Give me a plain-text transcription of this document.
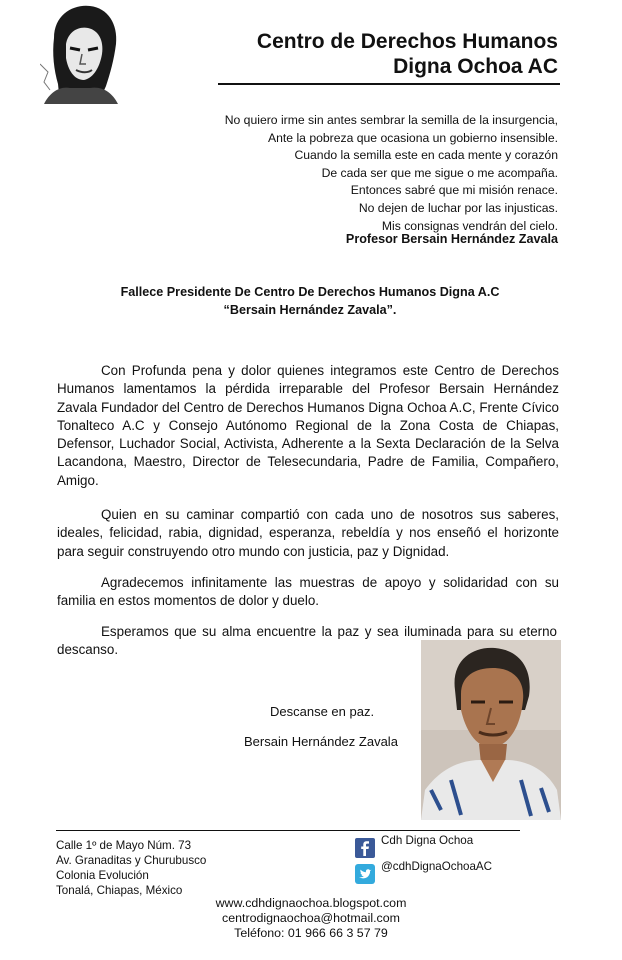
Centro de Derechos Humanos
Digna Ochoa AC
No quiero irme sin antes sembrar la semilla de la insurgencia,
Ante la pobreza que ocasiona un gobierno insensible.
Cuando la semilla este en cada mente y corazón
De cada ser que me sigue o me acompaña.
Entonces sabré que mi misión renace.
No dejen de luchar por las injusticas.
Mis consignas vendrán del cielo.
Profesor Bersain Hernández Zavala
Fallece Presidente De Centro De Derechos Humanos Digna A.C
“Bersain Hernández Zavala”.

Con Profunda pena y dolor quienes integramos este Centro de Derechos Humanos lamentamos la pérdida irreparable del Profesor Bersain Hernández Zavala Fundador del Centro de Derechos Humanos Digna Ochoa A.C, Frente Cívico Tonalteco A.C y Consejo Autónomo Regional de la Zona Costa de Chiapas, Defensor, Luchador Social, Activista, Adherente a la Sexta Declaración de la Selva Lacandona, Maestro, Director de Telesecundaria, Padre de Familia, Compañero, Amigo.

Quien en su caminar compartió con cada uno de nosotros sus saberes, ideales, felicidad, rabia, dignidad, esperanza, rebeldía y nos enseñó el horizonte para seguir construyendo otro mundo con justicia, paz y Dignidad.

Agradecemos infinitamente las muestras de apoyo y solidaridad con su familia en estos momentos de dolor y duelo.

Esperamos que su alma encuentre la paz y sea iluminada para su eterno descanso.

Descanse en paz.
Bersain Hernández Zavala
Calle 1º de Mayo Núm. 73
Av. Granaditas y Churubusco
Colonia Evolución
Tonalá, Chiapas, México
Cdh Digna Ochoa
@cdhDignaOchoaAC
www.cdhdignaochoa.blogspot.com
centrodignaochoa@hotmail.com
Teléfono: 01 966 66 3 57 79
